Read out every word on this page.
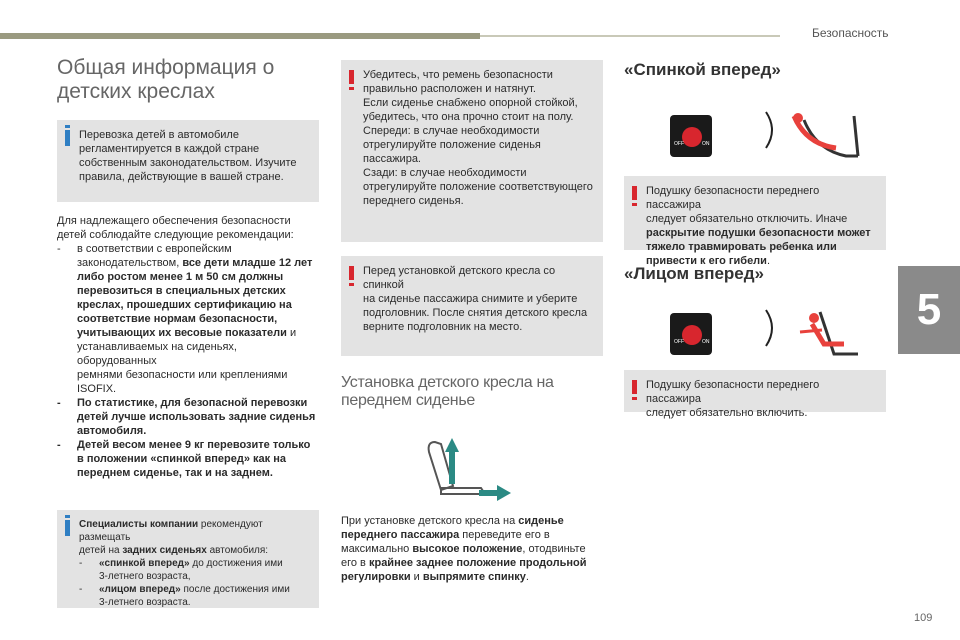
Безопасность
5
109
Общая информация о
детских креслах

Перевозка детей в автомобиле

регламентируется в каждой стране

собственным законодательством. Изучите

правила, действующие в вашей стране.

Для надлежащего обеспечения безопасности

детей соблюдайте следующие рекомендации:

-	в соответствии с европейским

законодательством, все дети младше 12 лет

либо ростом менее 1 м 50 см должны

перевозиться в специальных детских

креслах, прошедших сертификацию на

соответствие нормам безопасности,

учитывающих их весовые показатели и

устанавливаемых на сиденьях, оборудованных

ремнями безопасности или креплениями

ISOFIX.

-	По статистике, для безопасной перевозки

детей лучше использовать задние сиденья

автомобиля.

-	Детей весом менее 9 кг перевозите только

в положении «спинкой вперед» как на

переднем сиденье, так и на заднем.

Специалисты компании рекомендуют размещать

детей на задних сиденьях автомобиля:

-	«спинкой вперед» до достижения ими

3-летнего возраста,

-	«лицом вперед» после достижения ими

3-летнего возраста.

Убедитесь, что ремень безопасности

правильно расположен и натянут.

Если сиденье снабжено опорной стойкой,

убедитесь, что она прочно стоит на полу.

Спереди: в случае необходимости

отрегулируйте положение сиденья пассажира.

Сзади: в случае необходимости

отрегулируйте положение соответствующего

переднего сиденья.

Перед установкой детского кресла со спинкой

на сиденье пассажира снимите и уберите

подголовник. После снятия детского кресла

верните подголовник на место.

Установка детского кресла на переднем сиденье

При установке детского кресла на сиденье

переднего пассажира переведите его в

максимально высокое положение, отодвиньте

его в крайнее заднее положение продольной

регулировки и выпрямите спинку.

«Спинкой вперед»
OFF	ON

Подушку безопасности переднего пассажира

следует обязательно отключить. Иначе

раскрытие подушки безопасности может

тяжело травмировать ребенка или

привести к его гибели.

«Лицом вперед»
OFF	ON

Подушку безопасности переднего пассажира

следует обязательно включить.
